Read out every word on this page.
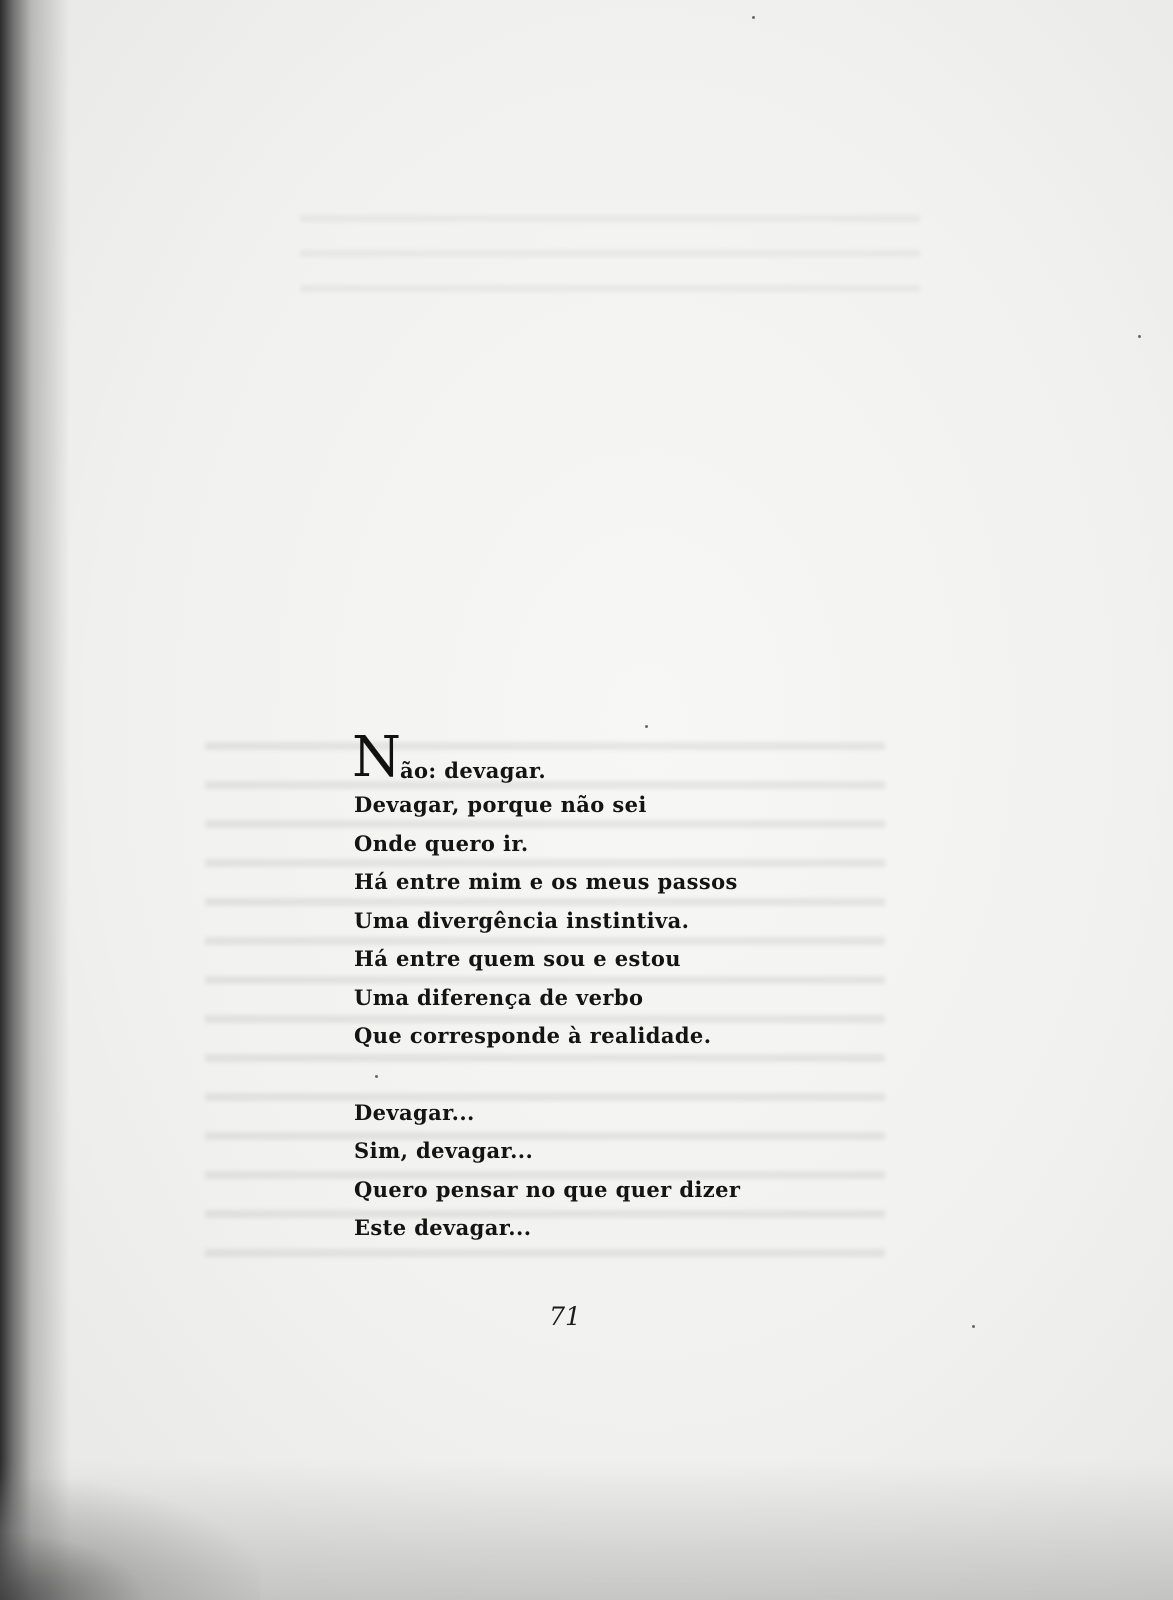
N
ão: devagar.
Devagar, porque não sei
Onde quero ir.
Há entre mim e os meus passos
Uma divergência instintiva.
Há entre quem sou e estou
Uma diferença de verbo
Que corresponde à realidade.
Devagar...
Sim, devagar...
Quero pensar no que quer dizer
Este devagar...
71
